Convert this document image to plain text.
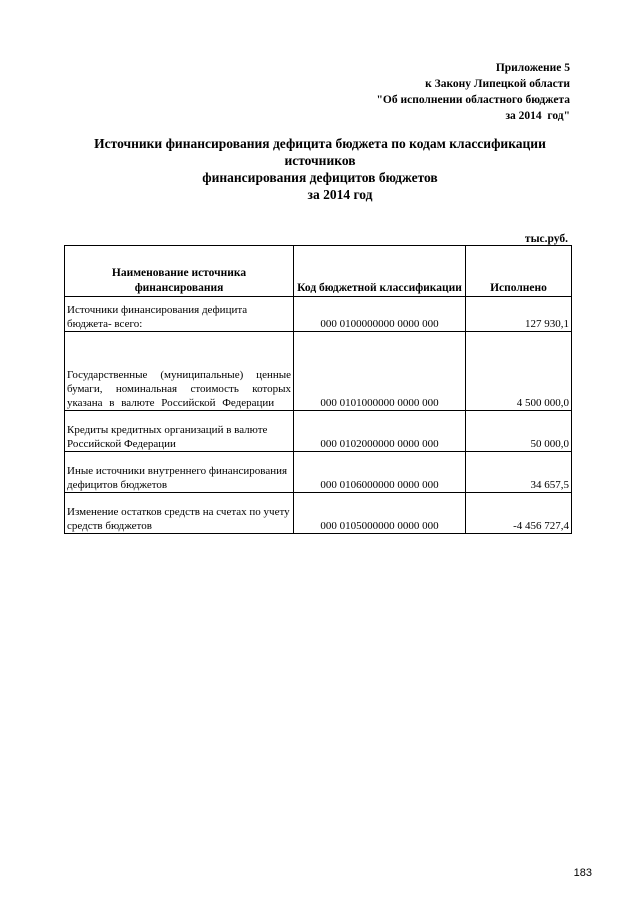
Приложение 5
к Закону Липецкой области
"Об исполнении областного бюджета
за 2014  год"
Источники финансирования дефицита бюджета по кодам классификации
источников
финансирования дефицитов бюджетов
за 2014 год
тыс.руб.
Наименование источника финансирования	Код бюджетной классификации	Исполнено
Источники финансирования дефицита бюджета- всего:	000 0100000000 0000 000	127 930,1
Государственные (муниципальные) ценные бумаги, номинальная стоимость которых указана в валюте Российской Федерации	000 0101000000 0000 000	4 500 000,0
Кредиты кредитных организаций в валюте Российской Федерации	000 0102000000 0000 000	50 000,0
Иные источники внутреннего финансирования дефицитов бюджетов	000 0106000000 0000 000	34 657,5
Изменение остатков средств на счетах по учету средств бюджетов	000 0105000000 0000 000	-4 456 727,4
183
